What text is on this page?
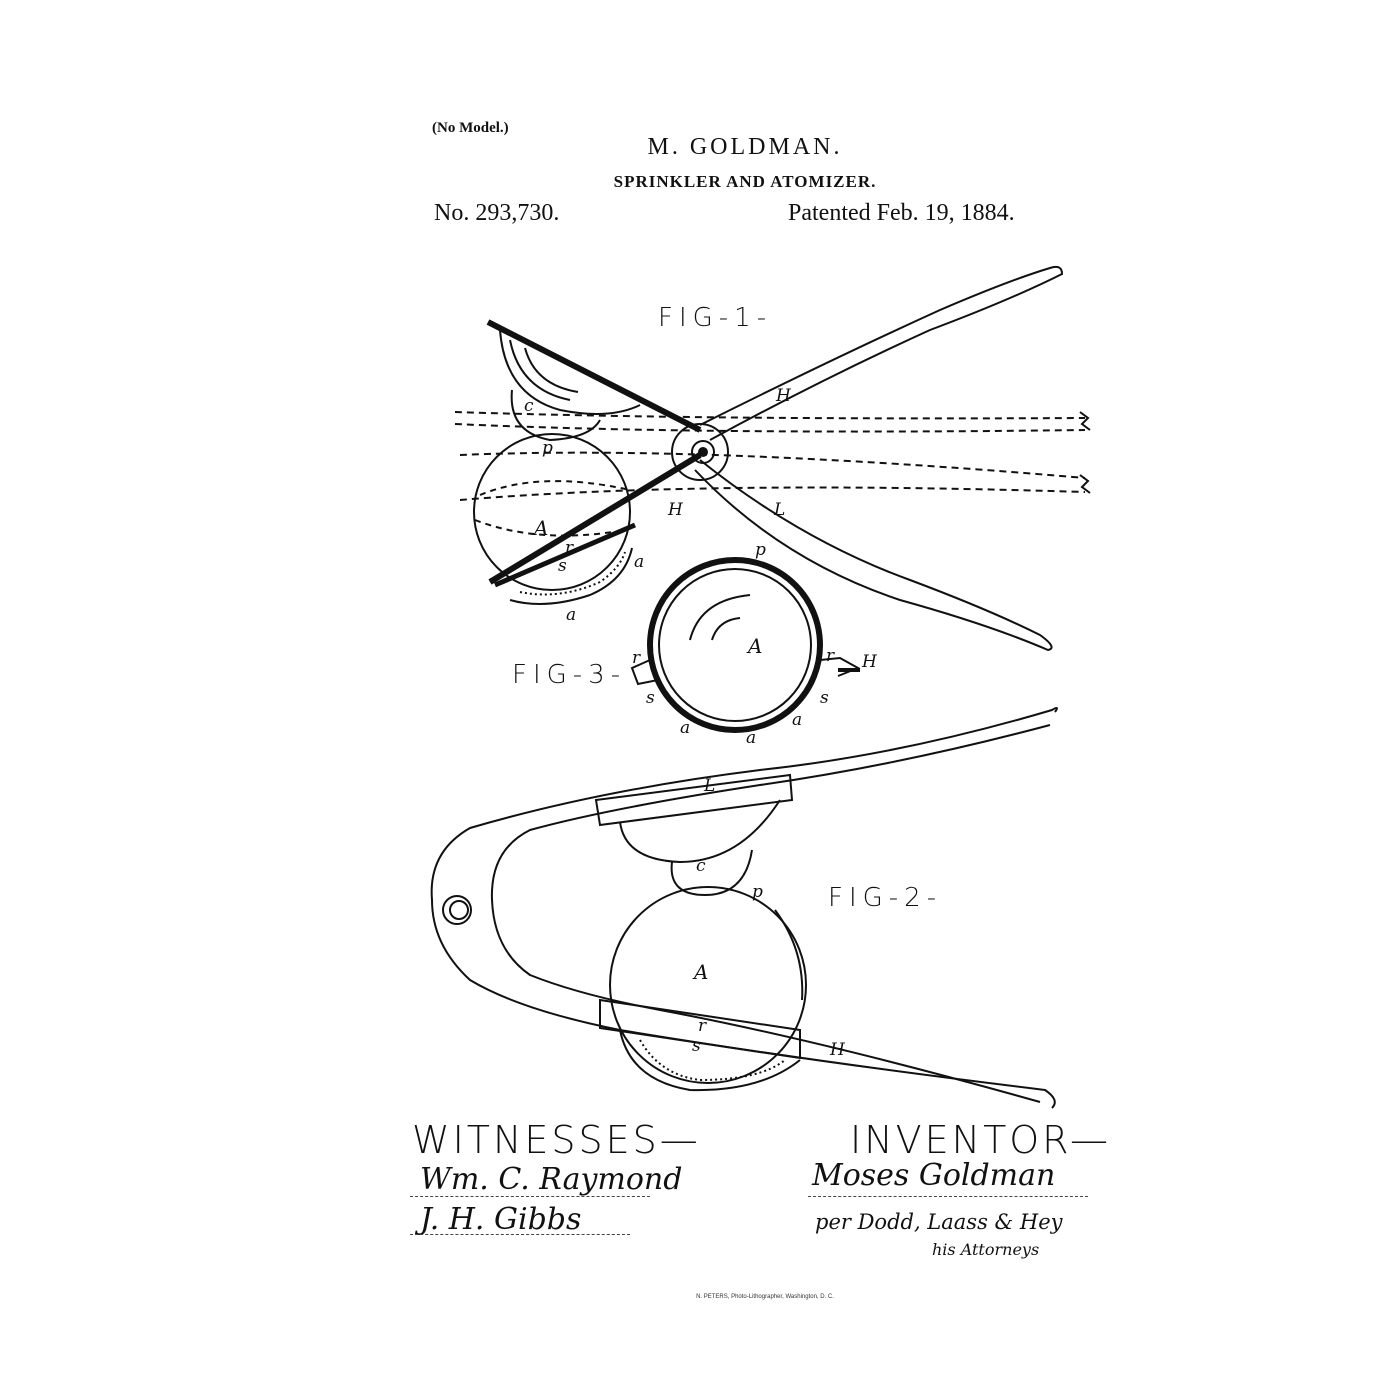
(No Model.)
M. GOLDMAN.
SPRINKLER AND ATOMIZER.
No. 293,730.	Patented Feb. 19, 1884.
FIG-1-
FIG-2-
FIG-3-
c
p
A
r
s	a
a
H
H	L
p
A
r	r H
s	s
a	a
a
L
c
p
A
r
s	H
WITNESSES—	INVENTOR—
Wm. C. Raymond
J. H. Gibbs
Moses Goldman
per Dodd, Laass & Hey
his Attorneys
N. PETERS, Photo-Lithographer, Washington, D. C.
